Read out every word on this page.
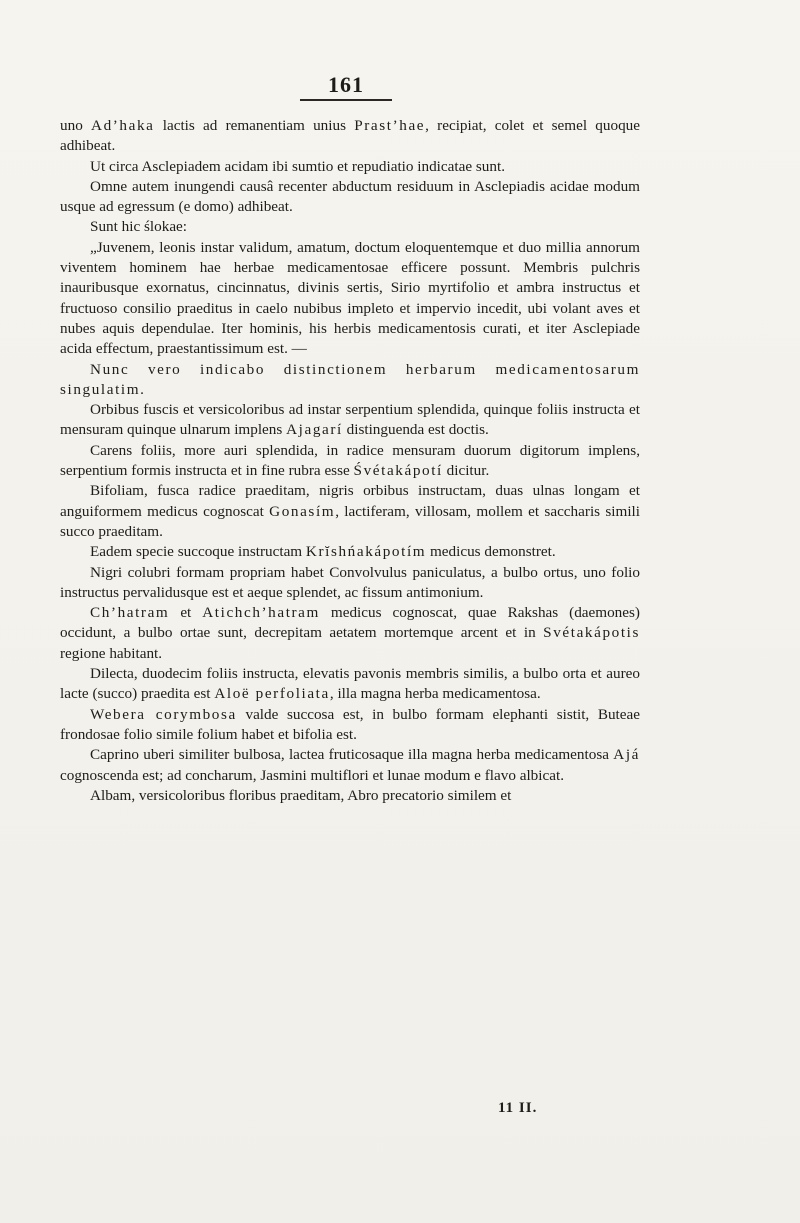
161

uno Ad’haka lactis ad remanentiam unius Prast’hae, recipiat, colet et semel quoque adhibeat.

Ut circa Asclepiadem acidam ibi sumtio et repudiatio indicatae sunt.

Omne autem inungendi causâ recenter abductum residuum in Asclepiadis acidae modum usque ad egressum (e domo) adhibeat.

Sunt hic ślokae:

„Juvenem, leonis instar validum, amatum, doctum eloquentemque et duo millia annorum viventem hominem hae herbae medicamentosae efficere possunt. Membris pulchris inauribusque exornatus, cincinnatus, divinis sertis, Sirio myrtifolio et ambra instructus et fructuoso consilio praeditus in caelo nubibus impleto et impervio incedit, ubi volant aves et nubes aquis dependulae. Iter hominis, his herbis medicamentosis curati, et iter Asclepiade acida effectum, praestantissimum est. —

Nunc vero indicabo distinctionem herbarum medicamentosarum singulatim.

Orbibus fuscis et versicoloribus ad instar serpentium splendida, quinque foliis instructa et mensuram quinque ulnarum implens Ajagarí distinguenda est doctis.

Carens foliis, more auri splendida, in radice mensuram duorum digitorum implens, serpentium formis instructa et in fine rubra esse Śvétakápotí dicitur.

Bifoliam, fusca radice praeditam, nigris orbibus instructam, duas ulnas longam et anguiformem medicus cognoscat Gonasím, lactiferam, villosam, mollem et saccharis simili succo praeditam.

Eadem specie succoque instructam Krĭshńakápotím medicus demonstret.

Nigri colubri formam propriam habet Convolvulus paniculatus, a bulbo ortus, uno folio instructus pervalidusque est et aeque splendet, ac fissum antimonium.

Ch’hatram et Atichch’hatram medicus cognoscat, quae Rakshas (daemones) occidunt, a bulbo ortae sunt, decrepitam aetatem mortemque arcent et in Svétakápotis regione habitant.

Dilecta, duodecim foliis instructa, elevatis pavonis membris similis, a bulbo orta et aureo lacte (succo) praedita est Aloë perfoliata, illa magna herba medicamentosa.

Webera corymbosa valde succosa est, in bulbo formam elephanti sistit, Buteae frondosae folio simile folium habet et bifolia est.

Caprino uberi similiter bulbosa, lactea fruticosaque illa magna herba medicamentosa Ajá cognoscenda est; ad concharum, Jasmini multiflori et lunae modum e flavo albicat.

Albam, versicoloribus floribus praeditam, Abro precatorio similem et

11 II.
